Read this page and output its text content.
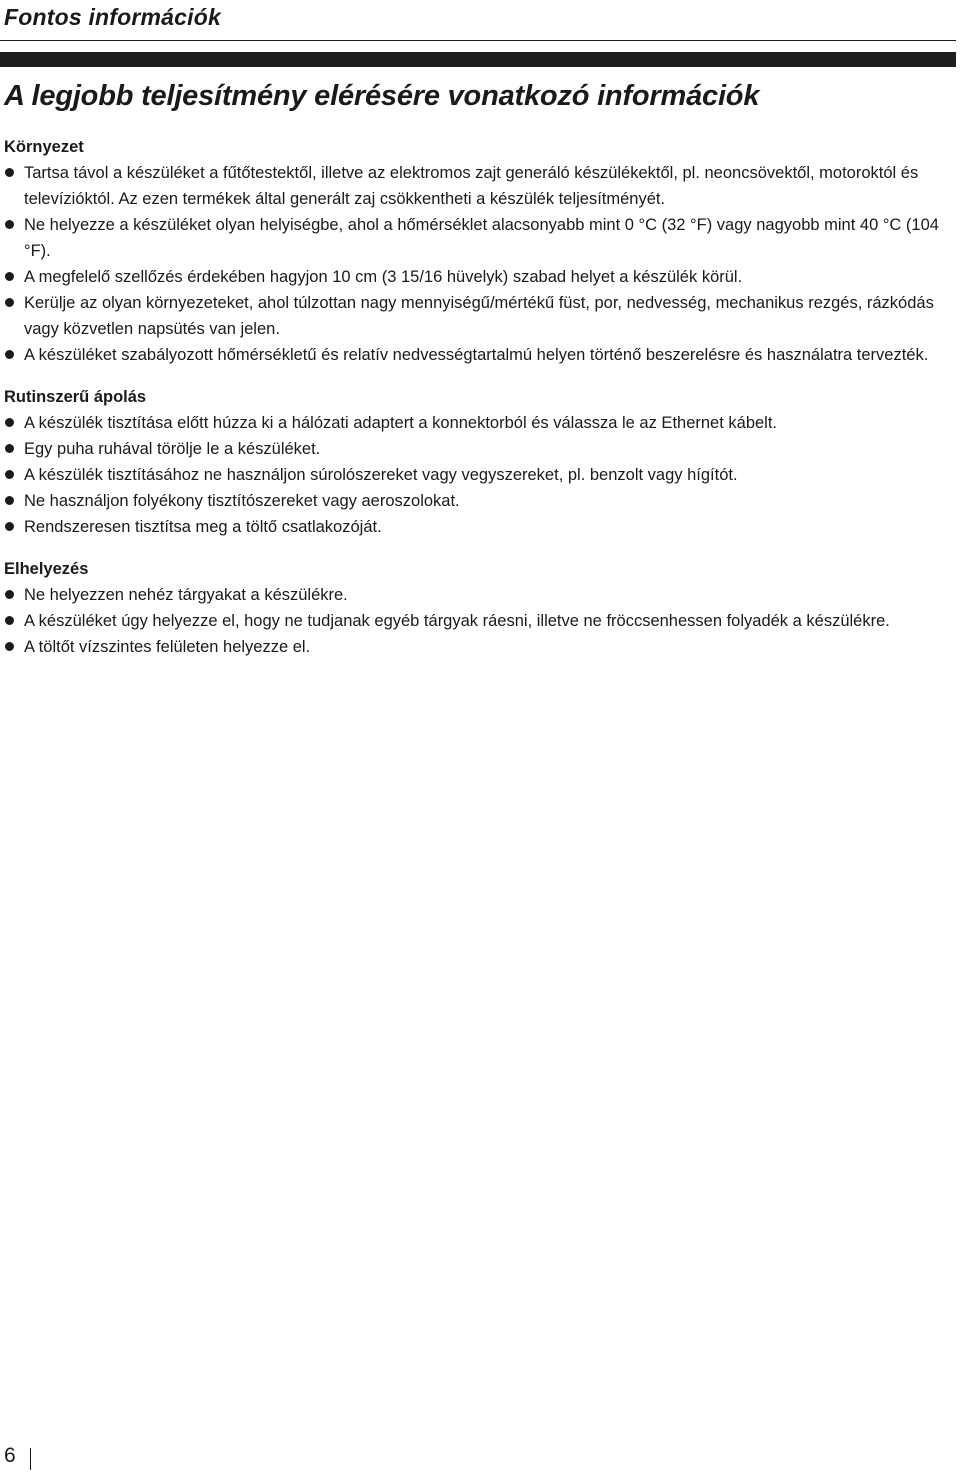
Fontos információk
A legjobb teljesítmény elérésére vonatkozó információk
Környezet
Tartsa távol a készüléket a fűtőtestektől, illetve az elektromos zajt generáló készülékektől, pl. neoncsövektől, motoroktól és televízióktól. Az ezen termékek által generált zaj csökkentheti a készülék teljesítményét.
Ne helyezze a készüléket olyan helyiségbe, ahol a hőmérséklet alacsonyabb mint 0 °C (32 °F) vagy nagyobb mint 40 °C (104 °F).
A megfelelő szellőzés érdekében hagyjon 10 cm (3 15/16 hüvelyk) szabad helyet a készülék körül.
Kerülje az olyan környezeteket, ahol túlzottan nagy mennyiségű/mértékű füst, por, nedvesség, mechanikus rezgés, rázkódás vagy közvetlen napsütés van jelen.
A készüléket szabályozott hőmérsékletű és relatív nedvességtartalmú helyen történő beszerelésre és használatra tervezték.
Rutinszerű ápolás
A készülék tisztítása előtt húzza ki a hálózati adaptert a konnektorból és válassza le az Ethernet kábelt.
Egy puha ruhával törölje le a készüléket.
A készülék tisztításához ne használjon súrolószereket vagy vegyszereket, pl. benzolt vagy hígítót.
Ne használjon folyékony tisztítószereket vagy aeroszolokat.
Rendszeresen tisztítsa meg a töltő csatlakozóját.
Elhelyezés
Ne helyezzen nehéz tárgyakat a készülékre.
A készüléket úgy helyezze el, hogy ne tudjanak egyéb tárgyak ráesni, illetve ne fröccsenhessen folyadék a készülékre.
A töltőt vízszintes felületen helyezze el.
6
